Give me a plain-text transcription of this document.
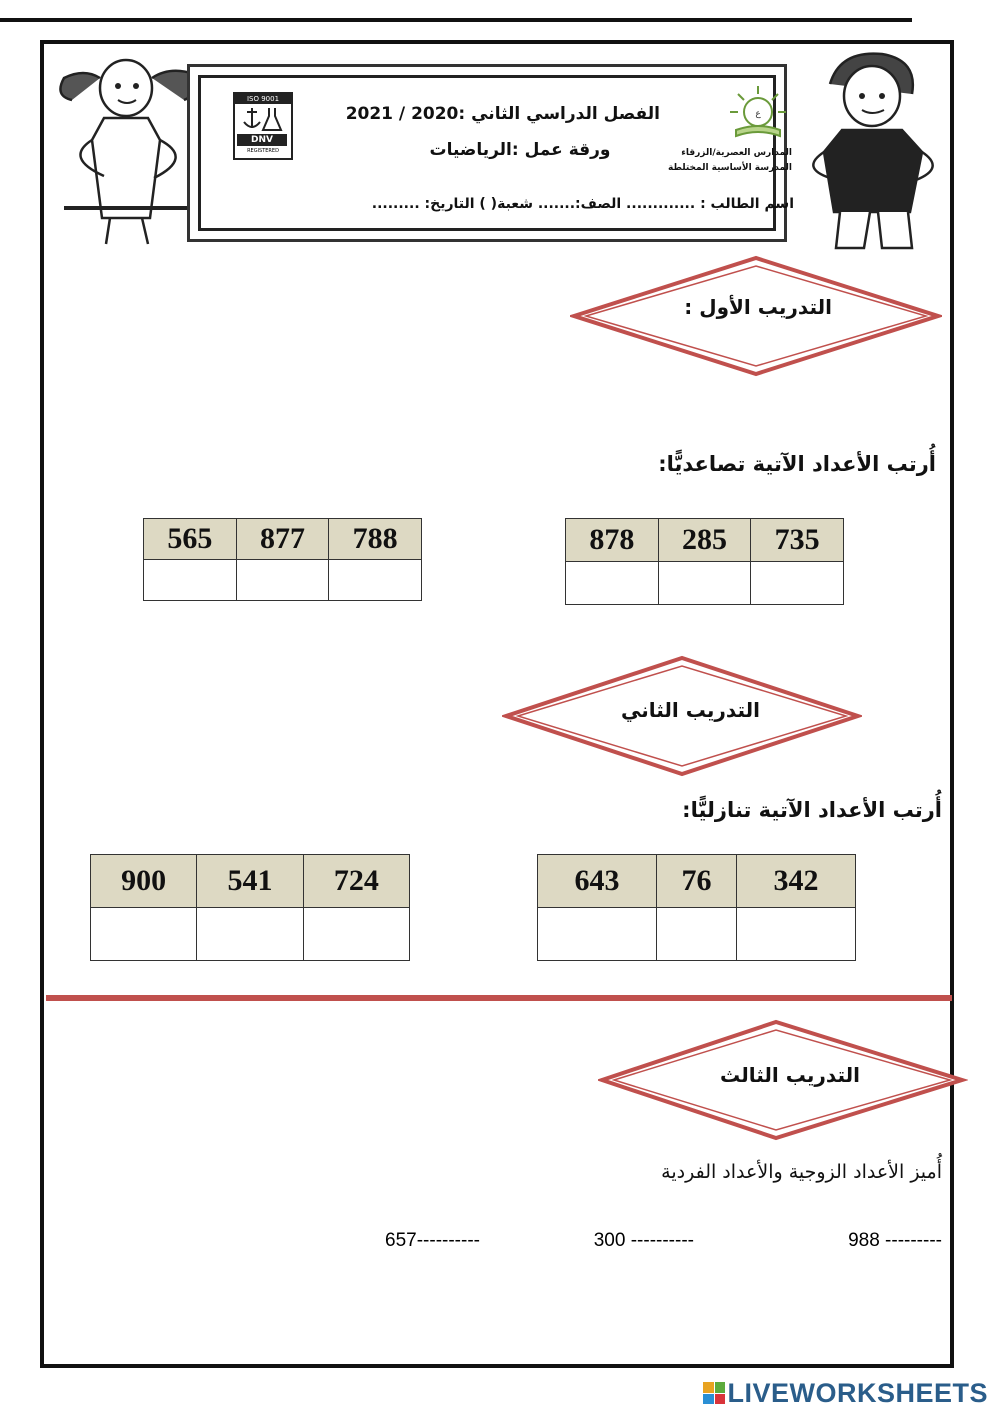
ISO 9001
DNV
REGISTERED
ع
الفصل الدراسي الثاني :2020 / 2021
ورقة عمل :الرياضيات	المدارس العصرية/الزرقاء
المدرسة الأساسية المختلطة
اسم الطالب : ............. الصف:....... شعبة( ) التاريخ: .........
التدريب الأول :
أُرتب الأعداد الآتية تصاعديًّا:
878	285	735

565	877	788

التدريب الثاني
أُرتب الأعداد الآتية تنازليًّا:
643	76	342

900	541	724

التدريب الثالث
أُميز الأعداد الزوجية والأعداد الفردية
988 ---------
300 ----------
657----------
LIVEWORKSHEETS
